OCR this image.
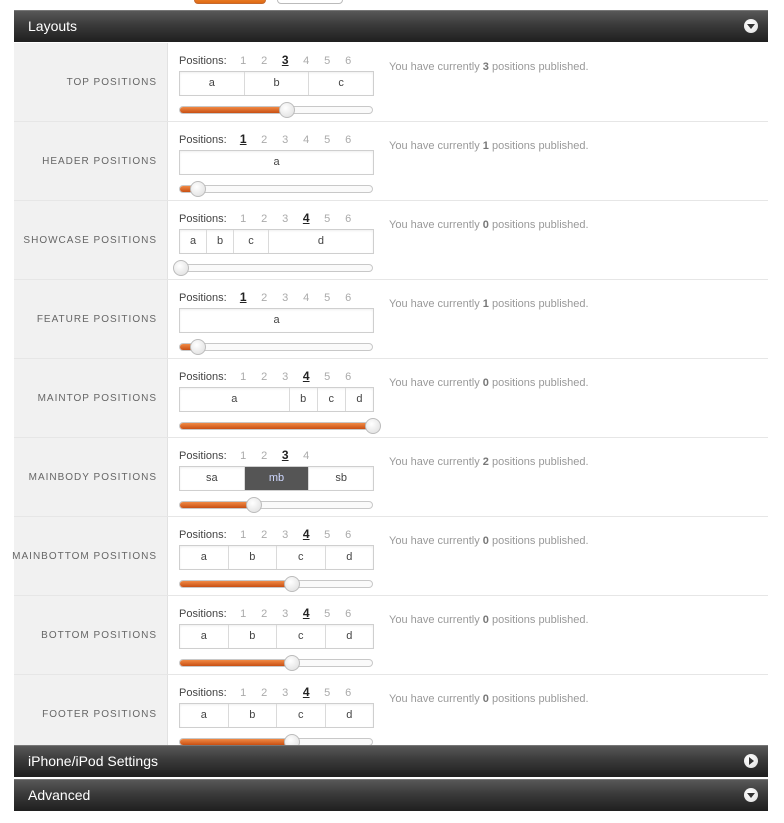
Layouts
TOP POSITIONS
Positions: 1 2 3 4 5 6
a	b	c
You have currently 3 positions published.
HEADER POSITIONS
Positions: 1 2 3 4 5 6
a
You have currently 1 positions published.
SHOWCASE POSITIONS
Positions: 1 2 3 4 5 6
a	b	c	d
You have currently 0 positions published.
FEATURE POSITIONS
Positions: 1 2 3 4 5 6
a
You have currently 1 positions published.
MAINTOP POSITIONS
Positions: 1 2 3 4 5 6
a	b	c	d
You have currently 0 positions published.
MAINBODY POSITIONS
Positions: 1 2 3 4
sa	mb	sb
You have currently 2 positions published.
MAINBOTTOM POSITIONS
Positions: 1 2 3 4 5 6
a	b	c	d
You have currently 0 positions published.
BOTTOM POSITIONS
Positions: 1 2 3 4 5 6
a	b	c	d
You have currently 0 positions published.
FOOTER POSITIONS
Positions: 1 2 3 4 5 6
a	b	c	d
You have currently 0 positions published.
iPhone/iPod Settings
Advanced
